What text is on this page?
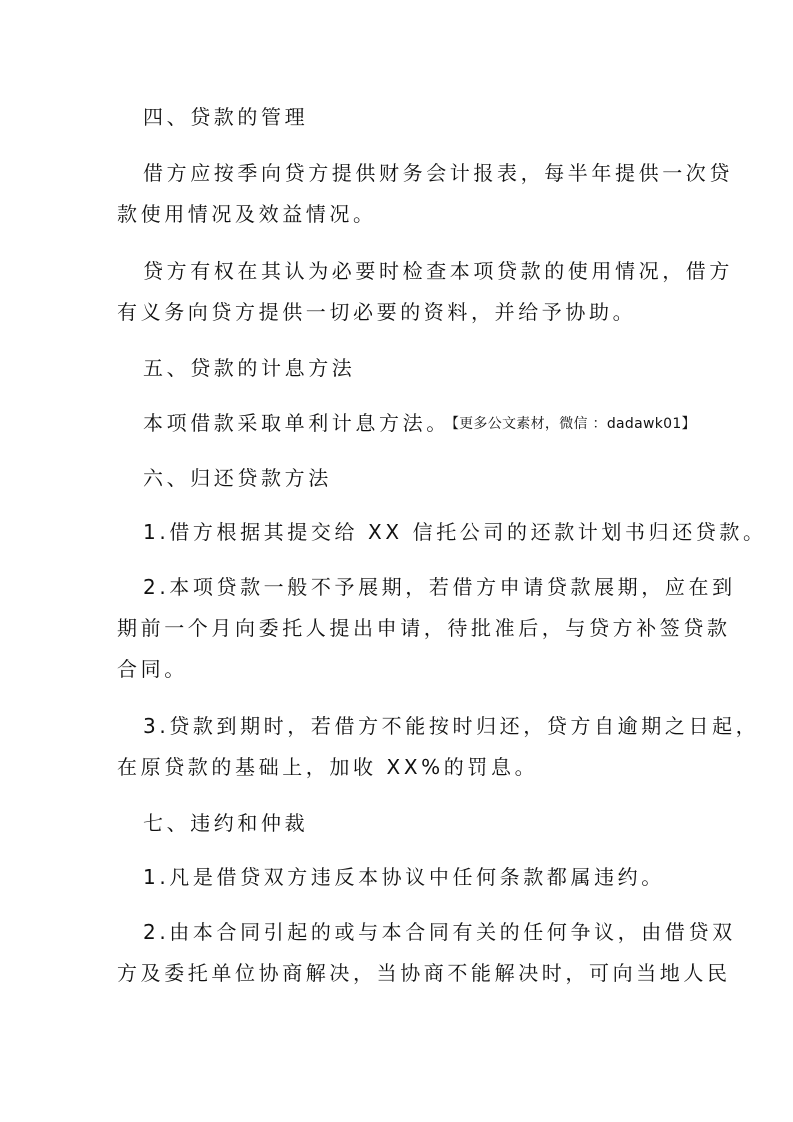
四、贷款的管理
借方应按季向贷方提供财务会计报表，每半年提供一次贷
款使用情况及效益情况。
贷方有权在其认为必要时检查本项贷款的使用情况，借方
有义务向贷方提供一切必要的资料，并给予协助。
五、贷款的计息方法
本项借款采取单利计息方法。 【更多公文素材，微信 ：dadawk01】
六、归还贷款方法
1.借方根据其提交给 XX 信托公司的还款计划书归还贷款。
2.本项贷款一般不予展期，若借方申请贷款展期，应在到
期前一个月向委托人提出申请，待批准后，与贷方补签贷款
合同。
3.贷款到期时，若借方不能按时归还，贷方自逾期之日起，
在原贷款的基础上，加收 XX%的罚息。
七、违约和仲裁
1.凡是借贷双方违反本协议中任何条款都属违约。
2.由本合同引起的或与本合同有关的任何争议，由借贷双
方及委托单位协商解决，当协商不能解决时，可向当地人民
